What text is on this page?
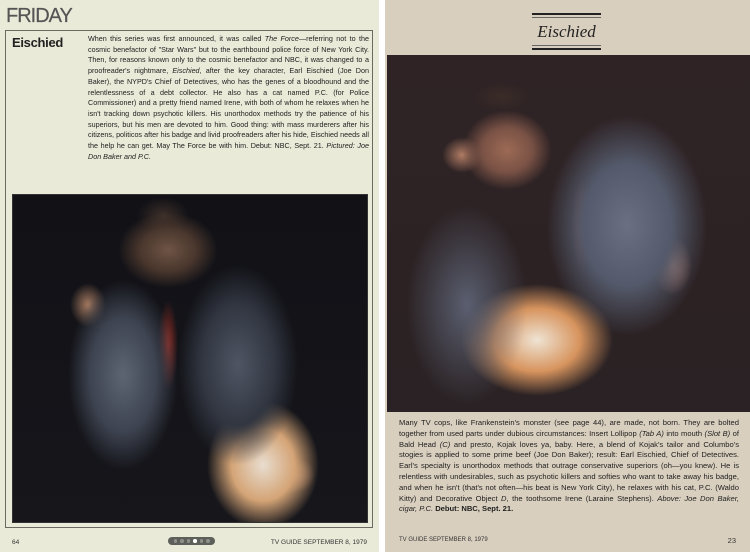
FRIDAY
Eischied	When this series was first announced, it was called The Force—referring not to the cosmic benefactor of "Star Wars" but to the earthbound police force of New York City. Then, for reasons known only to the cosmic benefactor and NBC, it was changed to a proofreader's nightmare, Eischied, after the key character, Earl Eischied (Joe Don Baker), the NYPD's Chief of Detectives, who has the genes of a bloodhound and the relentlessness of a debt collector. He also has a cat named P.C. (for Police Commissioner) and a pretty friend named Irene, with both of whom he relaxes when he isn't tracking down psychotic killers. His unorthodox methods try the patience of his superiors, but his men are devoted to him. Good thing: with mass murderers after his citizens, politicos after his badge and livid proofreaders after his hide, Eischied needs all the help he can get. May The Force be with him. Debut: NBC, Sept. 21. Pictured: Joe Don Baker and P.C.
64	TV GUIDE SEPTEMBER 8, 1979
Eischied
Many TV cops, like Frankenstein's monster (see page 44), are made, not born. They are bolted together from used parts under dubious circumstances: Insert Lollipop (Tab A) into mouth (Slot B) of Bald Head (C) and presto, Kojak loves ya, baby. Here, a blend of Kojak's tailor and Columbo's stogies is applied to some prime beef (Joe Don Baker); result: Earl Eischied, Chief of Detectives. Earl's specialty is unorthodox methods that outrage conservative superiors (oh—you knew). He is relentless with undesirables, such as psychotic killers and softies who want to take away his badge, and when he isn't (that's not often—his beat is New York City), he relaxes with his cat, P.C. (Waldo Kitty) and Decorative Object D, the toothsome Irene (Laraine Stephens). Above: Joe Don Baker, cigar, P.C. Debut: NBC, Sept. 21.
TV GUIDE SEPTEMBER 8, 1979	23
